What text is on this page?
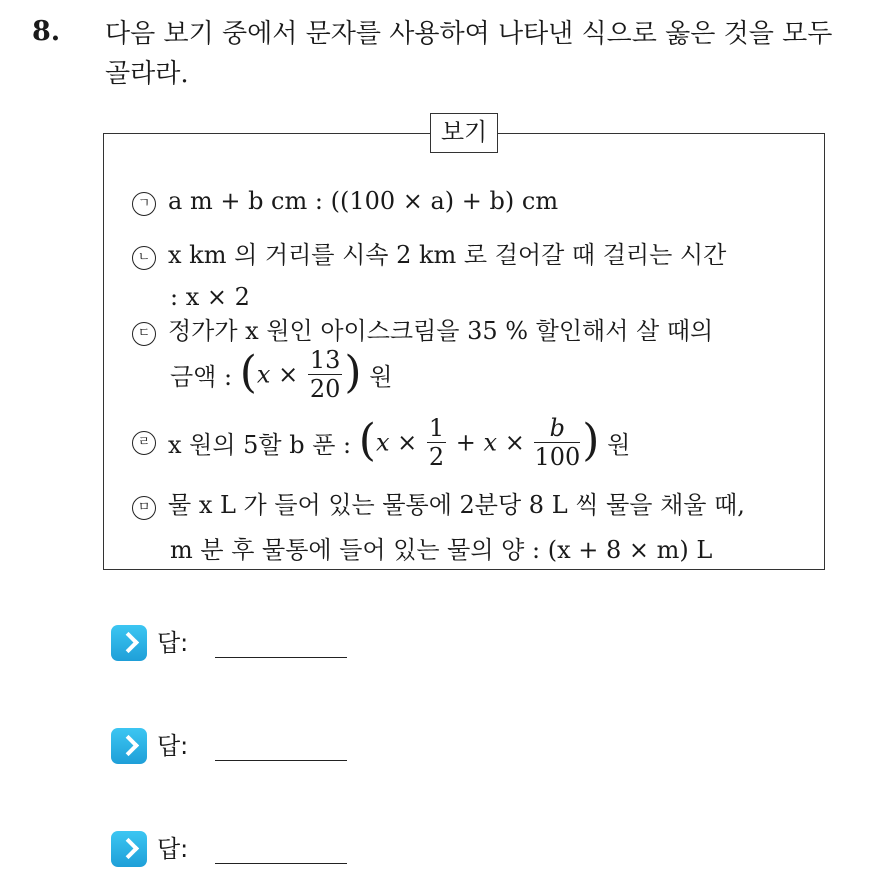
8. 다음 보기 중에서 문자를 사용하여 나타낸 식으로 옳은 것을 모두 골라라.
보기
ㄱ a m + b cm : ((100 × a) + b) cm
ㄴ x km 의 거리를 시속 2 km 로 걸어갈 때 걸리는 시간
: x × 2
ㄷ 정가가 x 원인 아이스크림을 35 % 할인해서 살 때의
금액 : ($x \times \frac{13}{20}$ ) 원
ㄹ x 원의 5할 b 푼 : ($x \times \frac{1}{2} + x \times \frac{b}{100}$ ) 원
ㅁ 물 x L 가 들어 있는 물통에 2분당 8 L 씩 물을 채울 때,
m 분 후 물통에 들어 있는 물의 양 : (x + 8 × m) L
답:
답:
답:
